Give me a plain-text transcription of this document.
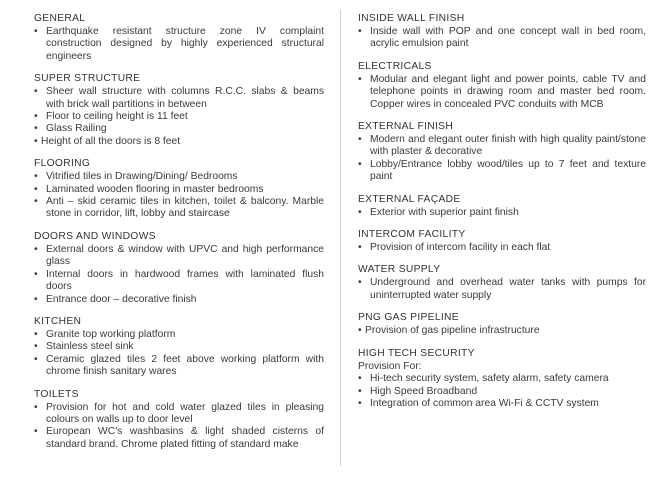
GENERAL
• Earthquake resistant structure zone IV complaint construction designed by highly experienced structural engineers
SUPER STRUCTURE
• Sheer wall structure with columns R.C.C. slabs & beams with brick wall partitions in between
• Floor to ceiling height is 11 feet
• Glass Railing
• Height of all the doors is 8 feet
FLOORING
• Vitrified tiles in Drawing/Dining/ Bedrooms
• Laminated wooden flooring in master bedrooms
• Anti – skid ceramic tiles in kitchen, toilet & balcony. Marble stone in corridor, lift, lobby and staircase
DOORS AND WINDOWS
• External doors & window with UPVC and high performance glass
• Internal doors in hardwood frames with laminated flush doors
• Entrance door – decorative finish
KITCHEN
• Granite top working platform
• Stainless steel sink
• Ceramic glazed tiles 2 feet above working platform with chrome finish sanitary wares
TOILETS
• Provision for hot and cold water glazed tiles in pleasing colours on walls up to door level
• European WC's washbasins & light shaded cisterns of standard brand. Chrome plated fitting of standard make
INSIDE WALL FINISH
• Inside wall with POP and one concept wall in bed room, acrylic emulsion paint
ELECTRICALS
• Modular and elegant light and power points, cable TV and telephone points in drawing room and master bed room. Copper wires in concealed PVC conduits with MCB
EXTERNAL FINISH
• Modern and elegant outer finish with high quality paint/stone with plaster & decorative
• Lobby/Entrance lobby wood/tiles up to 7 feet and texture paint
EXTERNAL FAÇADE
• Exterior with superior paint finish
INTERCOM FACILITY
• Provision of intercom facility in each flat
WATER SUPPLY
• Underground and overhead water tanks with pumps for uninterrupted water supply
PNG GAS PIPELINE
• Provision of gas pipeline infrastructure
HIGH TECH SECURITY
Provision For:
• Hi-tech security system, safety alarm, safety camera
• High Speed Broadband
• Integration of common area Wi-Fi & CCTV system
